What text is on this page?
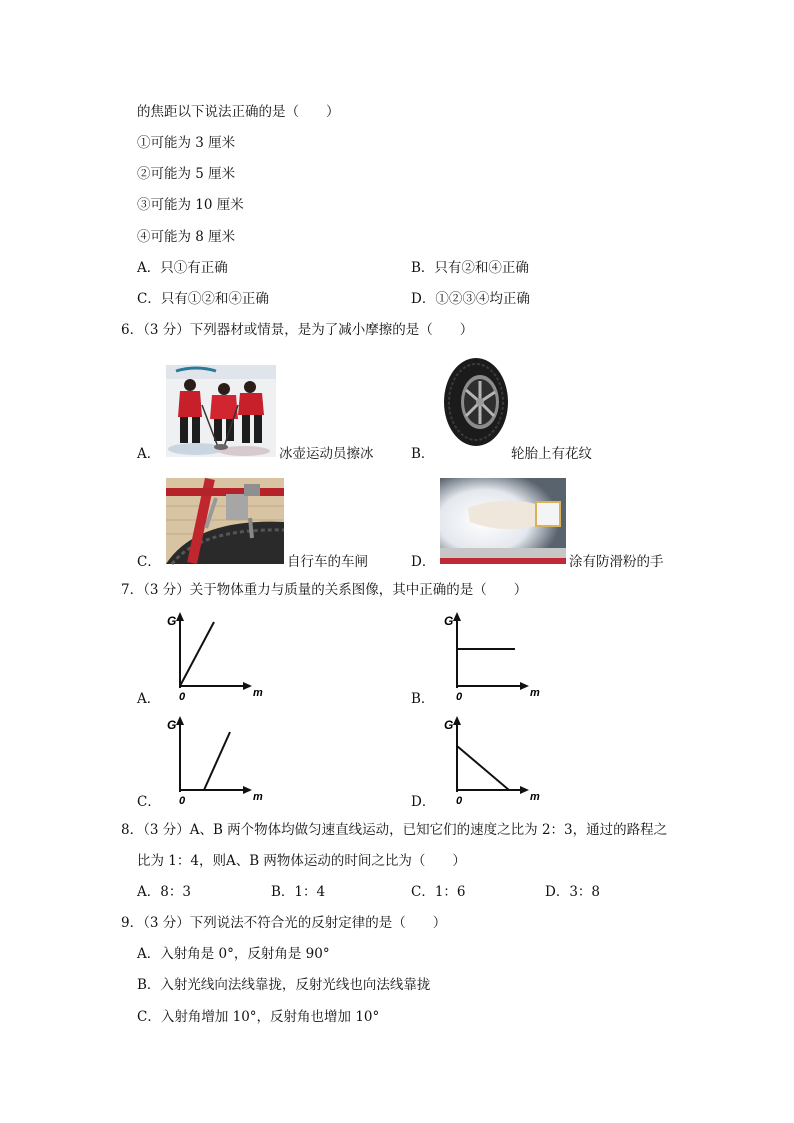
的焦距以下说法正确的是（　　）
①可能为 3 厘米
②可能为 5 厘米
③可能为 10 厘米
④可能为 8 厘米
A．只①有正确	B．只有②和④正确
C．只有①②和④正确	D．①②③④均正确
6．（3 分）下列器材或情景，是为了减小摩擦的是（　　）
A．	冰壶运动员擦冰	B．	轮胎上有花纹
C．	自行车的车闸	D．	涂有防滑粉的手
7．（3 分）关于物体重力与质量的关系图像，其中正确的是（　　）
G
m
0
A．
G
m
0
B．
G
m
0
C．
G
m
0
D．
8．（3 分）A、B 两个物体均做匀速直线运动，已知它们的速度之比为 2：3，通过的路程之
比为 1：4，则A、B 两物体运动的时间之比为（　　）
A．8：3	B．1：4	C．1：6	D．3：8
9．（3 分）下列说法不符合光的反射定律的是（　　）
A．入射角是 0°，反射角是 90°
B．入射光线向法线靠拢，反射光线也向法线靠拢
C．入射角增加 10°，反射角也增加 10°
